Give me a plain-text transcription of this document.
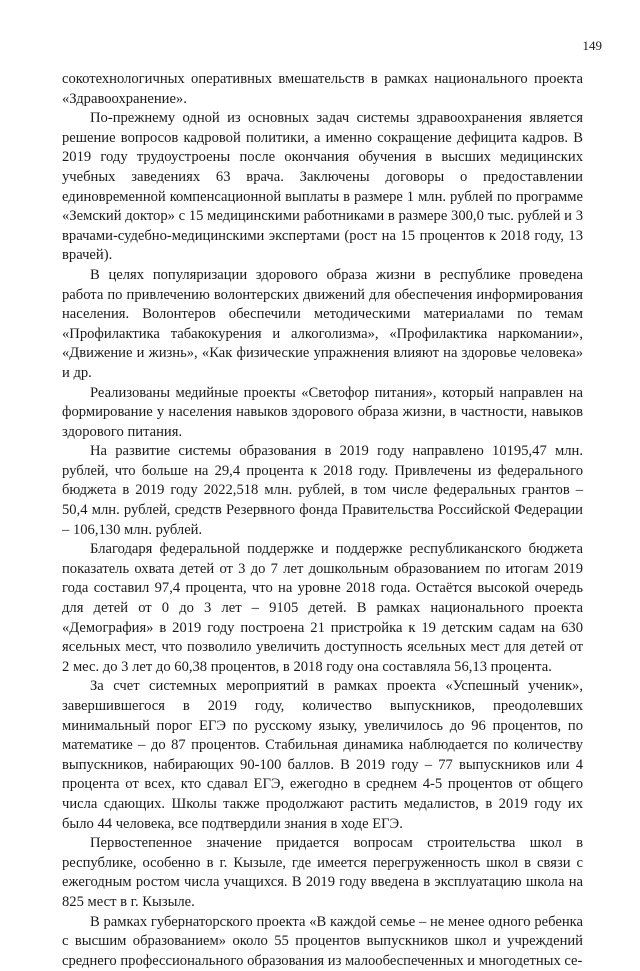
149

сокотехнологичных оперативных вмешательств в рамках национального проекта «Здравоохранение».

По-прежнему одной из основных задач системы здравоохранения является решение вопросов кадровой политики, а именно сокращение дефицита кадров. В 2019 году трудоустроены после окончания обучения в высших медицинских учебных заведениях 63 врача. Заключены договоры о предоставлении единовременной компенсационной выплаты в размере 1 млн. рублей по программе «Земский доктор» с 15 медицинскими работниками в размере 300,0 тыс. рублей и 3 врачами-судебно-медицинскими экспертами (рост на 15 процентов к 2018 году, 13 врачей).

В целях популяризации здорового образа жизни в республике проведена работа по привлечению волонтерских движений для обеспечения информирования населения. Волонтеров обеспечили методическими материалами по темам «Профилактика табакокурения и алкоголизма», «Профилактика наркомании», «Движение и жизнь», «Как физические упражнения влияют на здоровье человека» и др.

Реализованы медийные проекты «Светофор питания», который направлен на формирование у населения навыков здорового образа жизни, в частности, навыков здорового питания.

На развитие системы образования в 2019 году направлено 10195,47 млн. рублей, что больше на 29,4 процента к 2018 году. Привлечены из федерального бюджета в 2019 году 2022,518 млн. рублей, в том числе федеральных грантов – 50,4 млн. рублей, средств Резервного фонда Правительства Российской Федерации – 106,130 млн. рублей.

Благодаря федеральной поддержке и поддержке республиканского бюджета показатель охвата детей от 3 до 7 лет дошкольным образованием по итогам 2019 года составил 97,4 процента, что на уровне 2018 года. Остаётся высокой очередь для детей от 0 до 3 лет – 9105 детей. В рамках национального проекта «Демография» в 2019 году построена 21 пристройка к 19 детским садам на 630 ясельных мест, что позволило увеличить доступность ясельных мест для детей от 2 мес. до 3 лет до 60,38 процентов, в 2018 году она составляла 56,13 процента.

За счет системных мероприятий в рамках проекта «Успешный ученик», завершившегося в 2019 году, количество выпускников, преодолевших минимальный порог ЕГЭ по русскому языку, увеличилось до 96 процентов, по математике – до 87 процентов. Стабильная динамика наблюдается по количеству выпускников, набирающих 90-100 баллов. В 2019 году – 77 выпускников или 4 процента от всех, кто сдавал ЕГЭ, ежегодно в среднем 4-5 процентов от общего числа сдающих. Школы также продолжают растить медалистов, в 2019 году их было 44 человека, все подтвердили знания в ходе ЕГЭ.

Первостепенное значение придается вопросам строительства школ в республике, особенно в г. Кызыле, где имеется перегруженность школ в связи с ежегодным ростом числа учащихся. В 2019 году введена в эксплуатацию школа на 825 мест в г. Кызыле.

В рамках губернаторского проекта «В каждой семье – не менее одного ребенка с высшим образованием» около 55 процентов выпускников школ и учреждений среднего профессионального образования из малообеспеченных и многодетных се-
